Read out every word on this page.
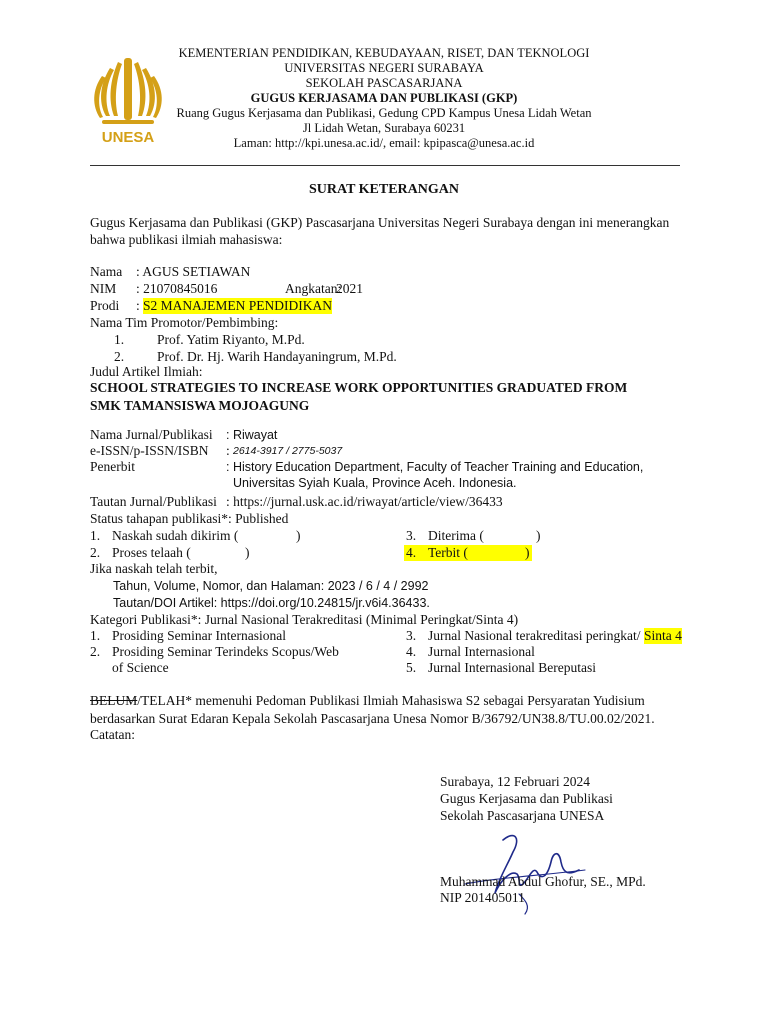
UNESA
KEMENTERIAN PENDIDIKAN, KEBUDAYAAN, RISET, DAN TEKNOLOGI
UNIVERSITAS NEGERI SURABAYA
SEKOLAH PASCASARJANA
GUGUS KERJASAMA DAN PUBLIKASI (GKP)
Ruang Gugus Kerjasama dan Publikasi, Gedung CPD Kampus Unesa Lidah Wetan
Jl Lidah Wetan, Surabaya 60231
Laman: http://kpi.unesa.ac.id/, email: kpipasca@unesa.ac.id
SURAT KETERANGAN
Gugus Kerjasama dan Publikasi (GKP) Pascasarjana Universitas Negeri Surabaya dengan ini menerangkan
bahwa publikasi ilmiah mahasiswa:
Nama : AGUS SETIAWAN
NIM : 21070845016	Angkatan:
2021
Prodi : S2 MANAJEMEN PENDIDIKAN
Nama Tim Promotor/Pembimbing:
1. Prof. Yatim Riyanto, M.Pd.
2. Prof. Dr. Hj. Warih Handayaningrum, M.Pd.
Judul Artikel Ilmiah:
SCHOOL STRATEGIES TO INCREASE WORK OPPORTUNITIES GRADUATED FROM
SMK TAMANSISWA MOJOAGUNG
Nama Jurnal/Publikasi : Riwayat
e-ISSN/p-ISSN/ISBN : 2614-3917 / 2775-5037
Penerbit	: History Education Department, Faculty of Teacher Training and Education,
Universitas Syiah Kuala, Province Aceh. Indonesia.
Tautan Jurnal/Publikasi : https://jurnal.usk.ac.id/riwayat/article/view/36433
Status tahapan publikasi*: Published
1. Naskah sudah dikirim (	)
2. Proses telaah (	)
3. Diterima (	)
4. Terbit (	)
Jika naskah telah terbit,
Tahun, Volume, Nomor, dan Halaman: 2023 / 6 / 4 / 2992
Tautan/DOI Artikel: https://doi.org/10.24815/jr.v6i4.36433.
Kategori Publikasi*: Jurnal Nasional Terakreditasi (Minimal Peringkat/Sinta 4)
1. Prosiding Seminar Internasional
2. Prosiding Seminar Terindeks Scopus/Web
of Science
3. Jurnal Nasional terakreditasi peringkat/ Sinta 4
4. Jurnal Internasional
5. Jurnal Internasional Bereputasi
BELUM/TELAH* memenuhi Pedoman Publikasi Ilmiah Mahasiswa S2 sebagai Persyaratan Yudisium
berdasarkan Surat Edaran Kepala Sekolah Pascasarjana Unesa Nomor B/36792/UN38.8/TU.00.02/2021.
Catatan:
Surabaya, 12 Februari 2024
Gugus Kerjasama dan Publikasi
Sekolah Pascasarjana UNESA
Muhammad Abdul Ghofur, SE., MPd.
NIP 201405011
